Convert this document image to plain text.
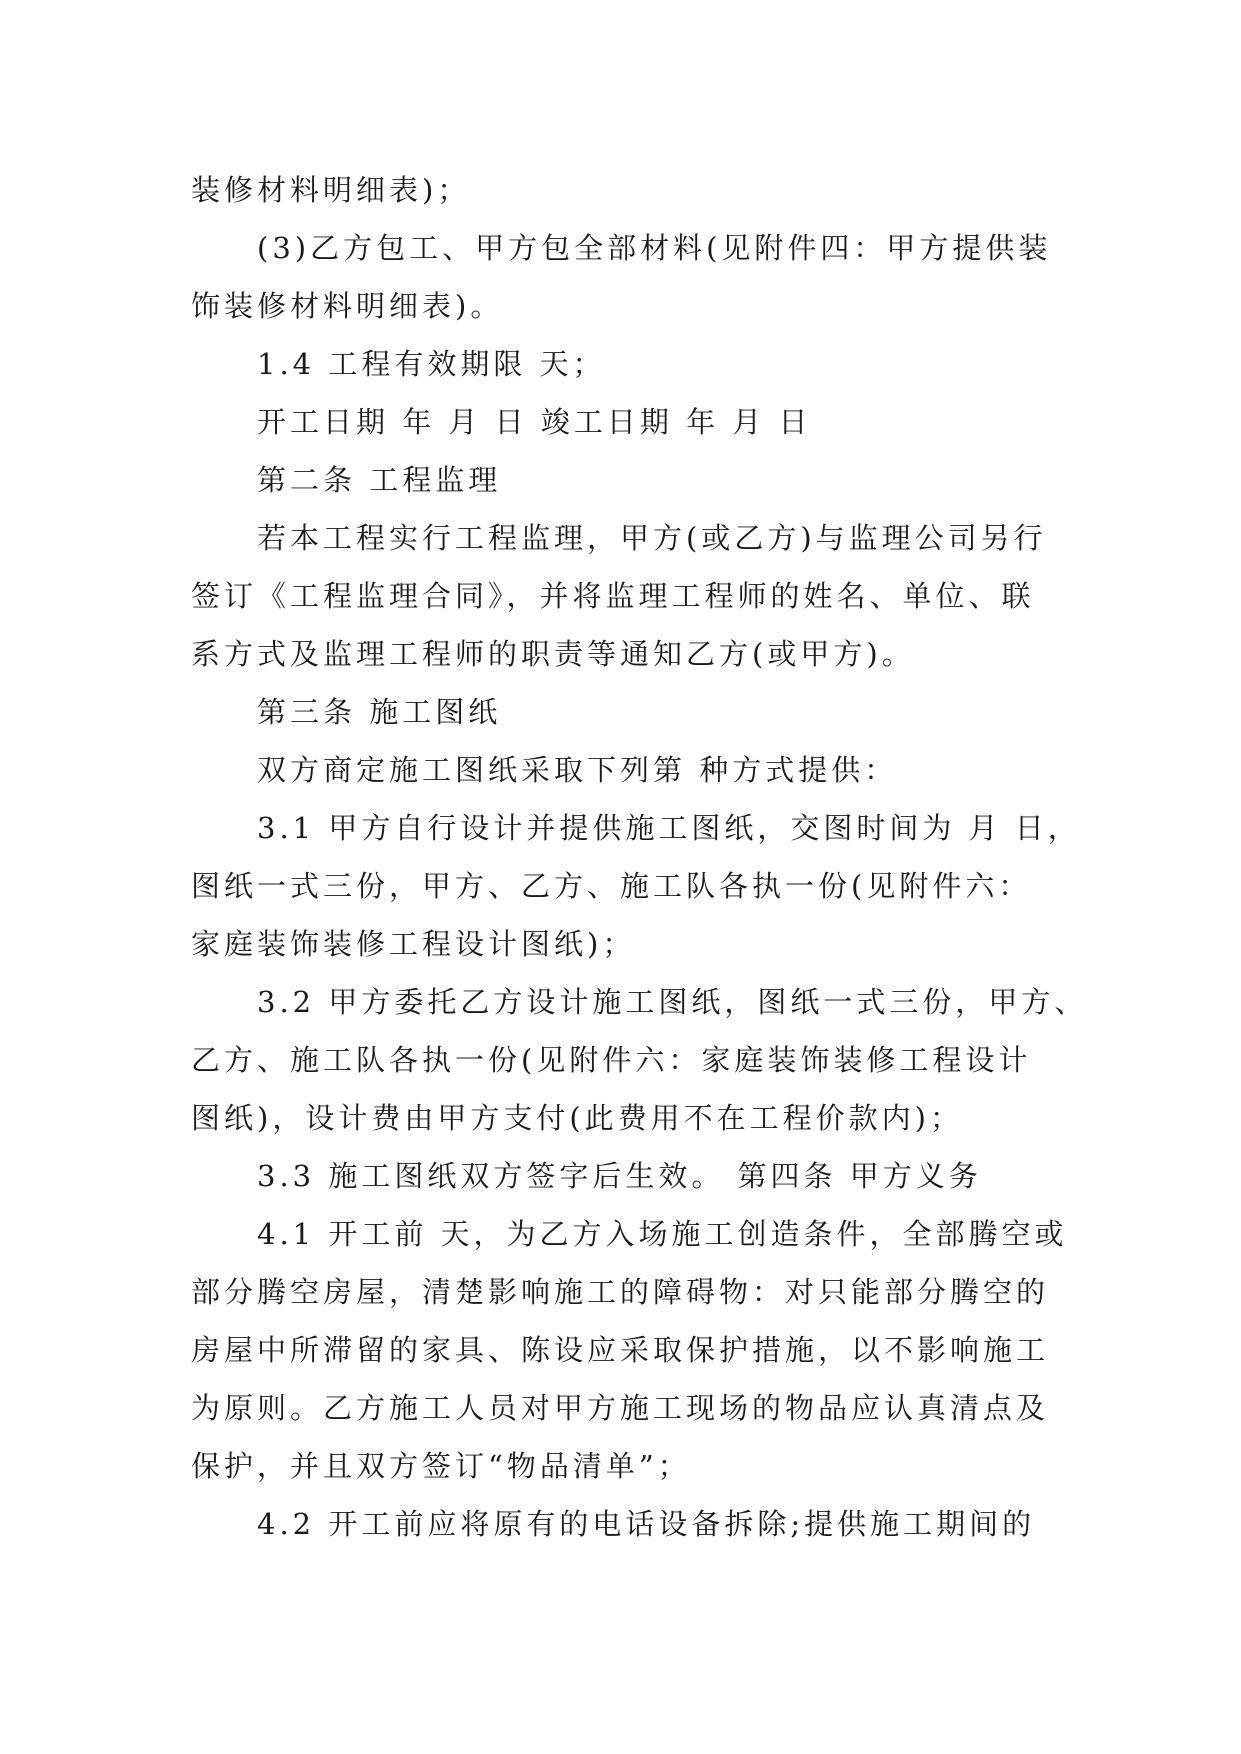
装修材料明细表)；
(3)乙方包工、甲方包全部材料(见附件四：甲方提供装
饰装修材料明细表)。
1.4 工程有效期限 天；
开工日期 年 月 日 竣工日期 年 月 日
第二条 工程监理
若本工程实行工程监理，甲方(或乙方)与监理公司另行
签订《工程监理合同》，并将监理工程师的姓名、单位、联
系方式及监理工程师的职责等通知乙方(或甲方)。
第三条 施工图纸
双方商定施工图纸采取下列第 种方式提供：
3.1 甲方自行设计并提供施工图纸，交图时间为 月 日，
图纸一式三份，甲方、乙方、施工队各执一份(见附件六：
家庭装饰装修工程设计图纸)；
3.2 甲方委托乙方设计施工图纸，图纸一式三份，甲方、
乙方、施工队各执一份(见附件六：家庭装饰装修工程设计
图纸)，设计费由甲方支付(此费用不在工程价款内)；
3.3 施工图纸双方签字后生效。 第四条 甲方义务
4.1 开工前 天，为乙方入场施工创造条件，全部腾空或
部分腾空房屋，清楚影响施工的障碍物：对只能部分腾空的
房屋中所滞留的家具、陈设应采取保护措施，以不影响施工
为原则。乙方施工人员对甲方施工现场的物品应认真清点及
保护，并且双方签订“物品清单”；
4.2 开工前应将原有的电话设备拆除;提供施工期间的
